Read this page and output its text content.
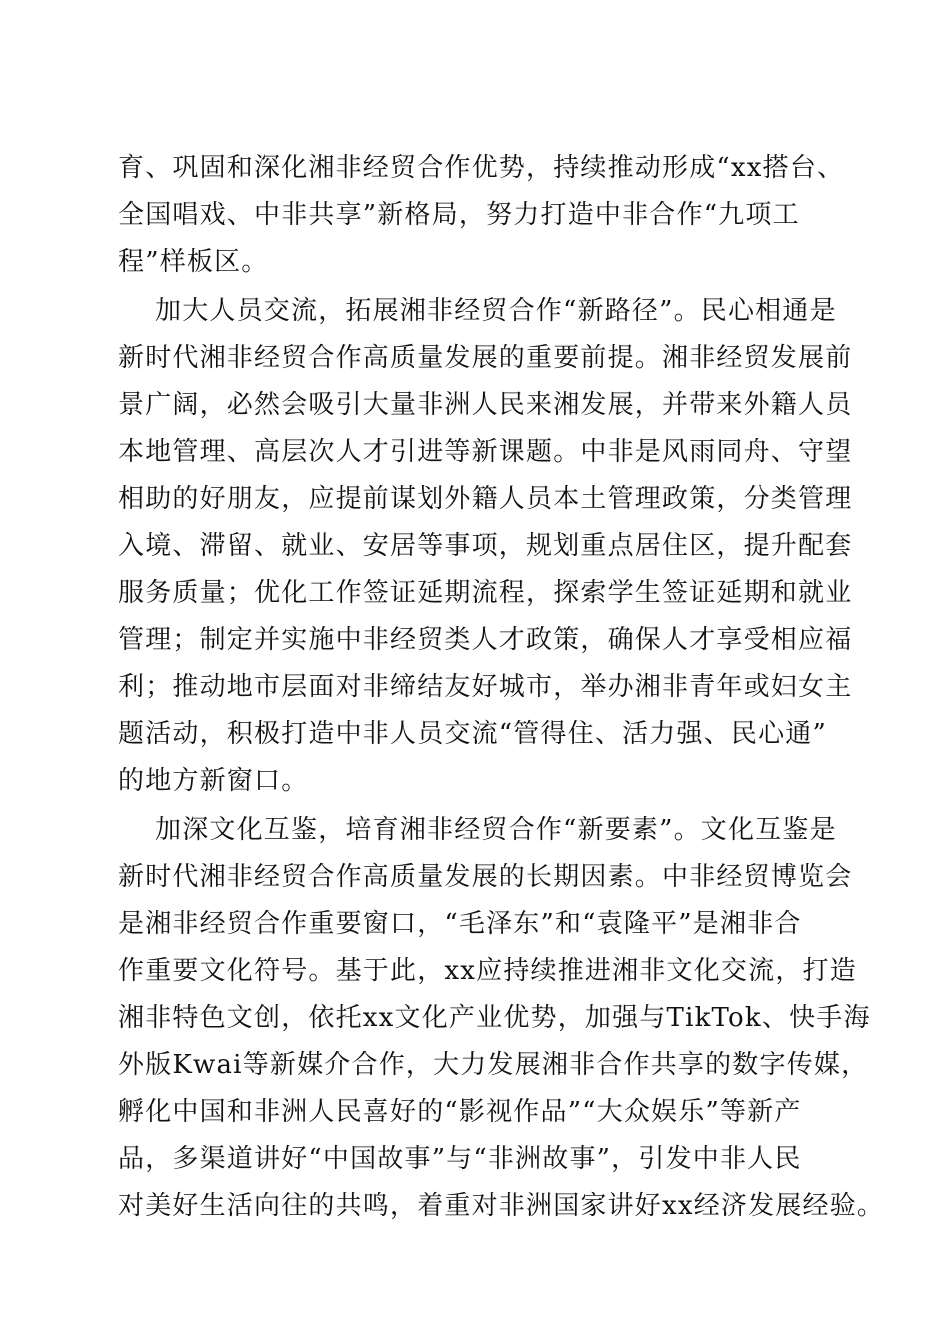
育、巩固和深化湘非经贸合作优势，持续推动形成“xx搭台、
全国唱戏、中非共享”新格局，努力打造中非合作“九项工
程”样板区。
加大人员交流，拓展湘非经贸合作“新路径”。民心相通是
新时代湘非经贸合作高质量发展的重要前提。湘非经贸发展前
景广阔，必然会吸引大量非洲人民来湘发展，并带来外籍人员
本地管理、高层次人才引进等新课题。中非是风雨同舟、守望
相助的好朋友，应提前谋划外籍人员本土管理政策，分类管理
入境、滞留、就业、安居等事项，规划重点居住区，提升配套
服务质量；优化工作签证延期流程，探索学生签证延期和就业
管理；制定并实施中非经贸类人才政策，确保人才享受相应福
利；推动地市层面对非缔结友好城市，举办湘非青年或妇女主
题活动，积极打造中非人员交流“管得住、活力强、民心通”
的地方新窗口。
加深文化互鉴，培育湘非经贸合作“新要素”。文化互鉴是
新时代湘非经贸合作高质量发展的长期因素。中非经贸博览会
是湘非经贸合作重要窗口，“毛泽东”和“袁隆平”是湘非合
作重要文化符号。基于此，xx应持续推进湘非文化交流，打造
湘非特色文创，依托xx文化产业优势，加强与TikTok、快手海
外版Kwai等新媒介合作，大力发展湘非合作共享的数字传媒，
孵化中国和非洲人民喜好的“影视作品”“大众娱乐”等新产
品，多渠道讲好“中国故事”与“非洲故事”，引发中非人民
对美好生活向往的共鸣，着重对非洲国家讲好xx经济发展经验。
